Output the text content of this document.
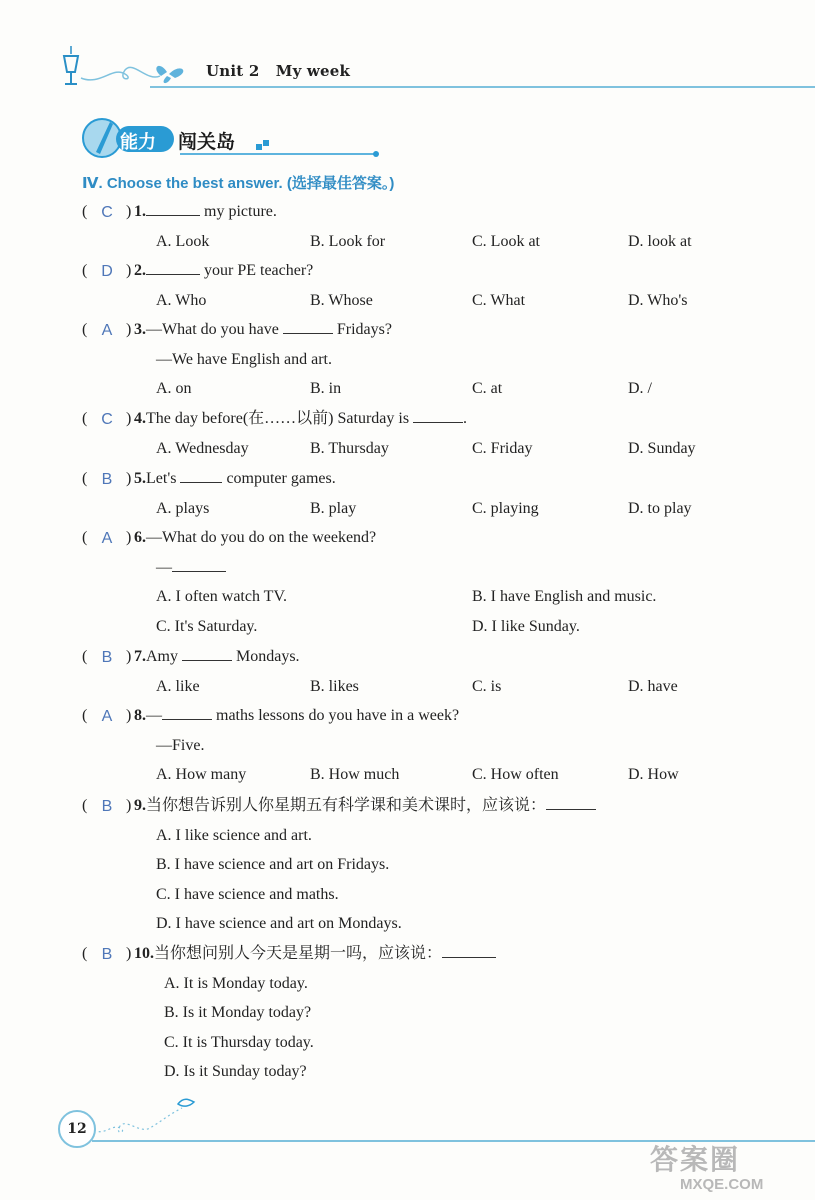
Unit 2 My week
能力 闯关岛
Ⅳ. Choose the best answer. (选择最佳答案。)
( C ) 1.	my picture.
A. Look	B. Look for	C. Look at	D. look at
( D ) 2.	your PE teacher?
A. Who	B. Whose	C. What	D. Who's
( A ) 3.—What do you have	Fridays?
—We have English and art.
A. on	B. in	C. at	D. /
( C ) 4.The day before(在……以前) Saturday is	.
A. Wednesday	B. Thursday	C. Friday	D. Sunday
( B ) 5.Let's	computer games.
A. plays	B. play	C. playing	D. to play
( A ) 6.—What do you do on the weekend?
—
A. I often watch TV.	B. I have English and music.
C. It's Saturday.	D. I like Sunday.
( B ) 7.Amy	Mondays.
A. like	B. likes	C. is	D. have
( A ) 8.—	maths lessons do you have in a week?
—Five.
A. How many	B. How much	C. How often	D. How
( B ) 9.当你想告诉别人你星期五有科学课和美术课时，应该说：
A. I like science and art.
B. I have science and art on Fridays.
C. I have science and maths.
D. I have science and art on Mondays.
( B ) 10.当你想问别人今天是星期一吗，应该说：
A. It is Monday today.
B. Is it Monday today?
C. It is Thursday today.
D. Is it Sunday today?
12
答案圈
MXQE.COM
